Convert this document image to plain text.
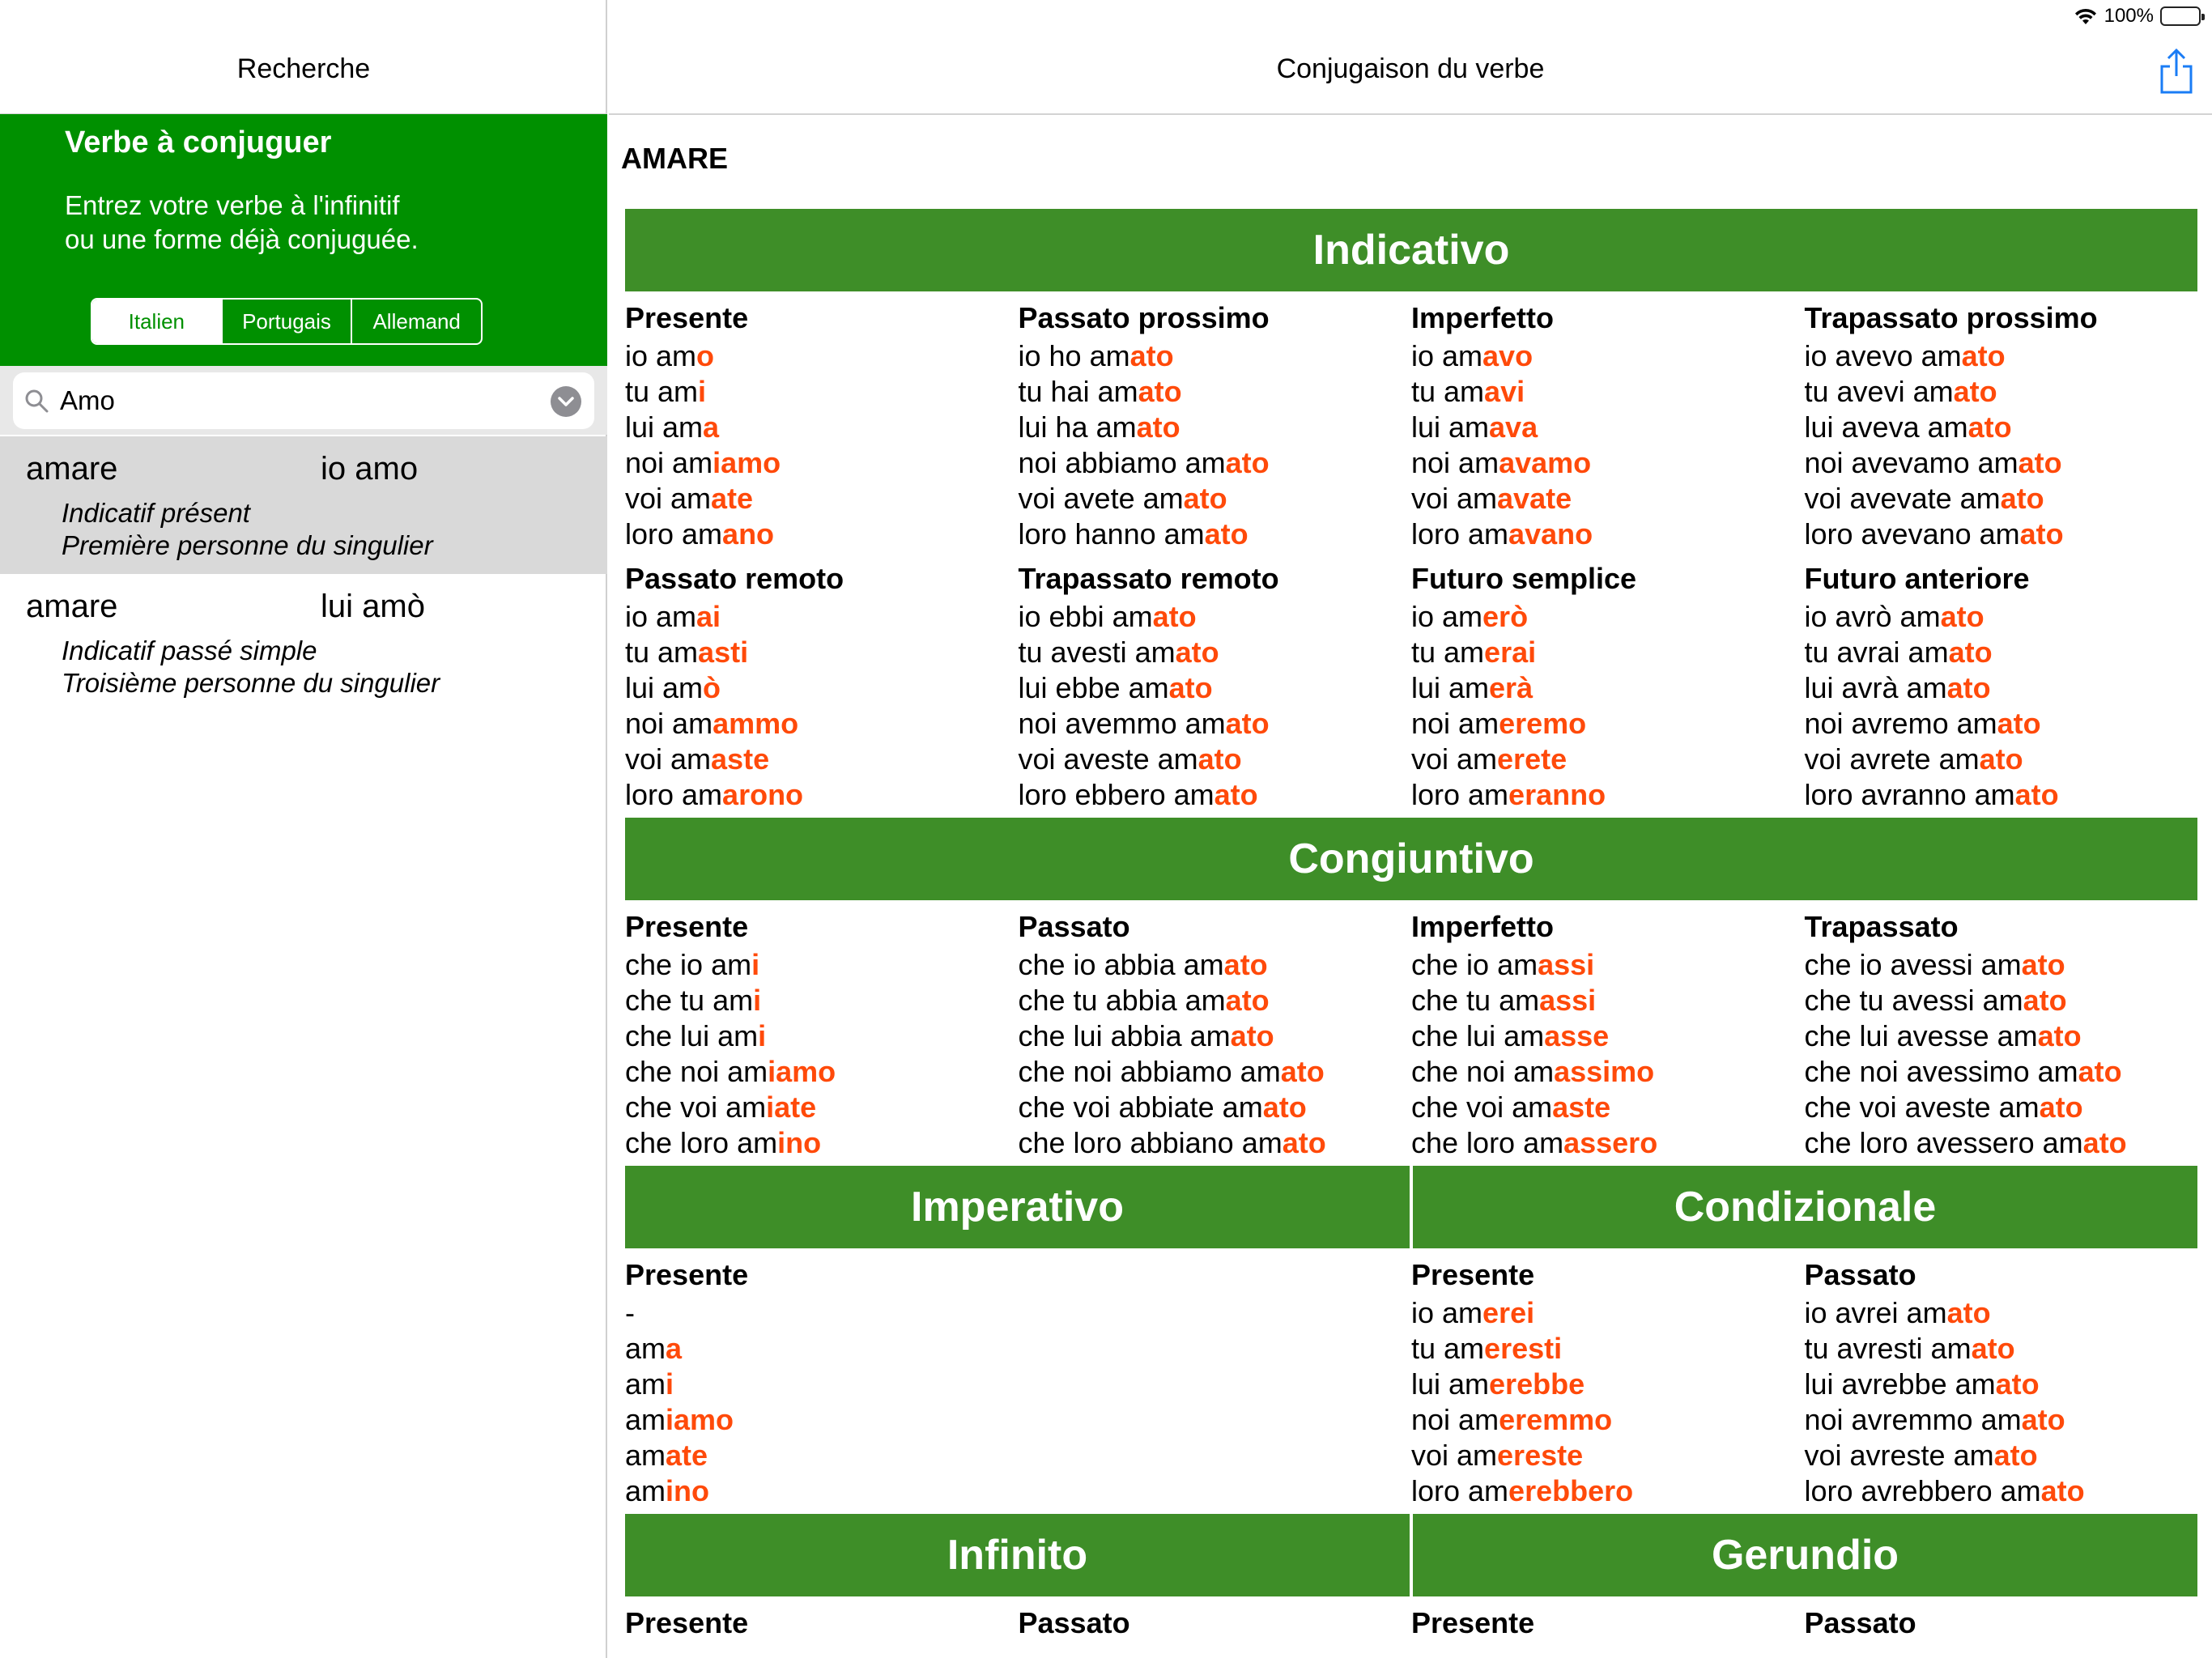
100%
Recherche
Verbe à conjuguer
Entrez votre verbe à l'infinitif
ou une forme déjà conjuguée.
Italien	Portugais	Allemand
Amo
amare	io amo
Indicatif présent
Première personne du singulier
amare	lui amò
Indicatif passé simple
Troisième personne du singulier
Conjugaison du verbe
AMARE
Indicativo
Presente
io amo
tu ami
lui ama
noi amiamo
voi amate
loro amano
Passato prossimo
io ho amato
tu hai amato
lui ha amato
noi abbiamo amato
voi avete amato
loro hanno amato
Imperfetto
io amavo
tu amavi
lui amava
noi amavamo
voi amavate
loro amavano
Trapassato prossimo
io avevo amato
tu avevi amato
lui aveva amato
noi avevamo amato
voi avevate amato
loro avevano amato
Passato remoto
io amai
tu amasti
lui amò
noi amammo
voi amaste
loro amarono
Trapassato remoto
io ebbi amato
tu avesti amato
lui ebbe amato
noi avemmo amato
voi aveste amato
loro ebbero amato
Futuro semplice
io amerò
tu amerai
lui amerà
noi ameremo
voi amerete
loro ameranno
Futuro anteriore
io avrò amato
tu avrai amato
lui avrà amato
noi avremo amato
voi avrete amato
loro avranno amato
Congiuntivo
Presente
che io ami
che tu ami
che lui ami
che noi amiamo
che voi amiate
che loro amino
Passato
che io abbia amato
che tu abbia amato
che lui abbia amato
che noi abbiamo amato
che voi abbiate amato
che loro abbiano amato
Imperfetto
che io amassi
che tu amassi
che lui amasse
che noi amassimo
che voi amaste
che loro amassero
Trapassato
che io avessi amato
che tu avessi amato
che lui avesse amato
che noi avessimo amato
che voi aveste amato
che loro avessero amato
Imperativo	Condizionale
Presente
-
ama
ami
amiamo
amate
amino
Presente
io amerei
tu ameresti
lui amerebbe
noi ameremmo
voi amereste
loro amerebbero
Passato
io avrei amato
tu avresti amato
lui avrebbe amato
noi avremmo amato
voi avreste amato
loro avrebbero amato
Infinito	Gerundio
Presente	Passato	Presente	Passato
